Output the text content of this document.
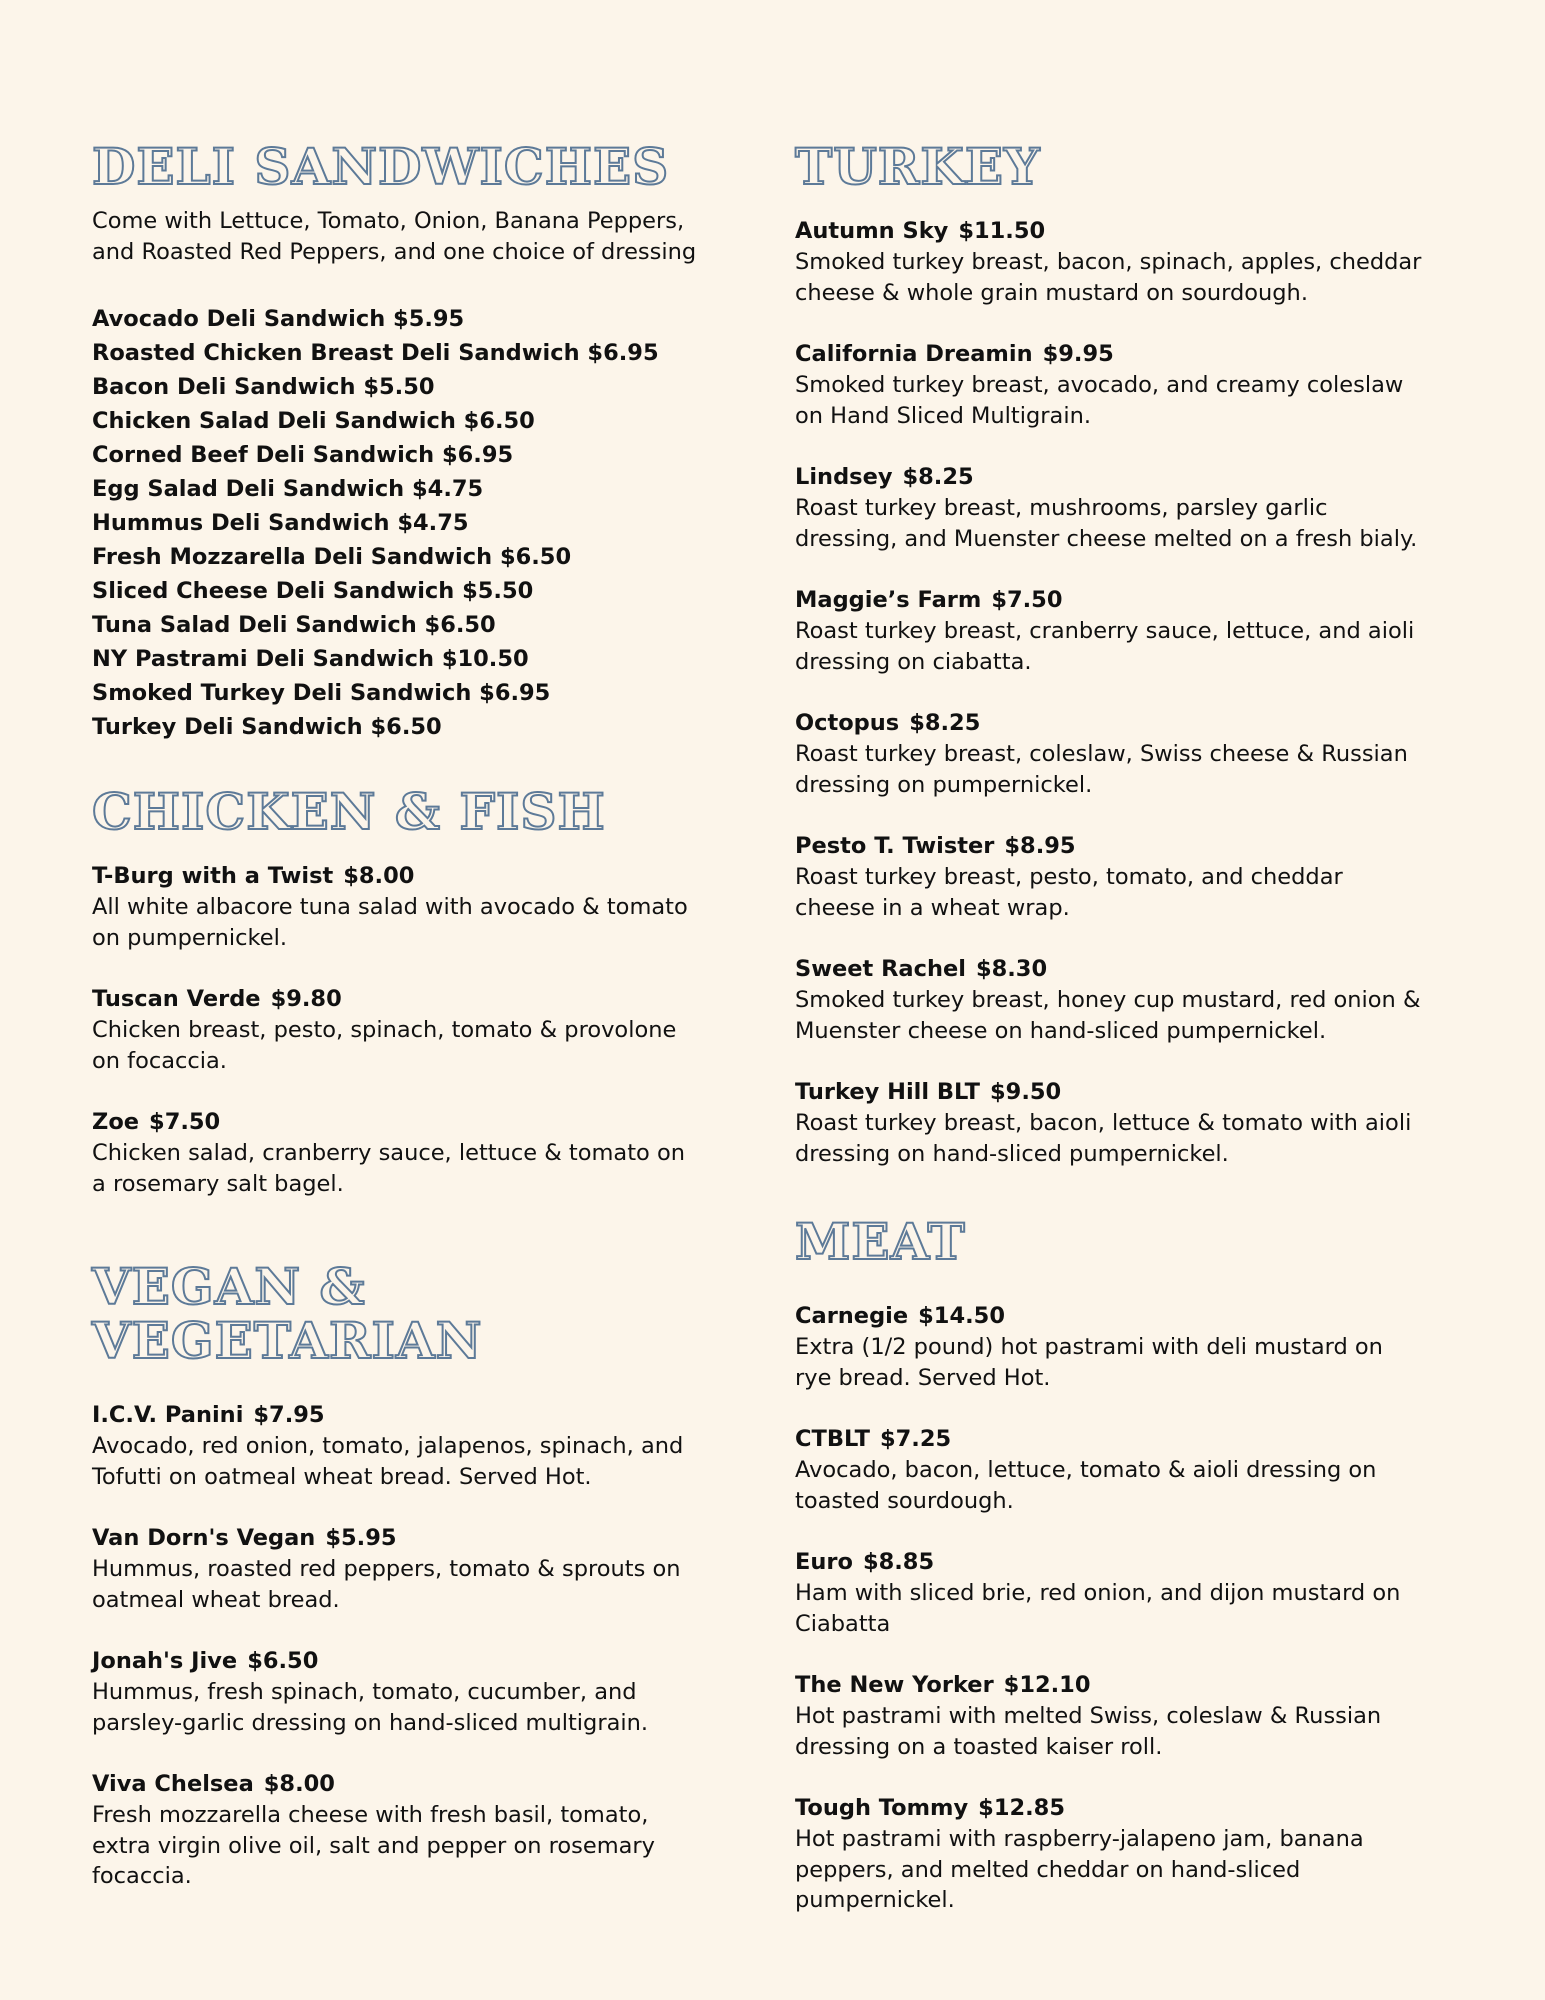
DELI SANDWICHES

Come with Lettuce, Tomato, Onion, Banana Peppers, and Roasted Red Peppers, and one choice of dressing

Avocado Deli Sandwich $5.95
Roasted Chicken Breast Deli Sandwich $6.95
Bacon Deli Sandwich $5.50
Chicken Salad Deli Sandwich $6.50
Corned Beef Deli Sandwich $6.95
Egg Salad Deli Sandwich $4.75
Hummus Deli Sandwich $4.75
Fresh Mozzarella Deli Sandwich $6.50
Sliced Cheese Deli Sandwich $5.50
Tuna Salad Deli Sandwich $6.50
NY Pastrami Deli Sandwich $10.50
Smoked Turkey Deli Sandwich $6.95
Turkey Deli Sandwich $6.50
CHICKEN & FISH
T-Burg with a Twist $8.00
All white albacore tuna salad with avocado & tomato on pumpernickel.
Tuscan Verde $9.80
Chicken breast, pesto, spinach, tomato & provolone on focaccia.
Zoe $7.50
Chicken salad, cranberry sauce, lettuce & tomato on a rosemary salt bagel.
VEGAN &
VEGETARIAN
I.C.V. Panini $7.95
Avocado, red onion, tomato, jalapenos, spinach, and Tofutti on oatmeal wheat bread. Served Hot.
Van Dorn's Vegan $5.95
Hummus, roasted red peppers, tomato & sprouts on oatmeal wheat bread.
Jonah's Jive $6.50
Hummus, fresh spinach, tomato, cucumber, and parsley-garlic dressing on hand-sliced multigrain.
Viva Chelsea $8.00
Fresh mozzarella cheese with fresh basil, tomato, extra virgin olive oil, salt and pepper on rosemary focaccia.
TURKEY
Autumn Sky $11.50
Smoked turkey breast, bacon, spinach, apples, cheddar cheese & whole grain mustard on sourdough.
California Dreamin $9.95
Smoked turkey breast, avocado, and creamy coleslaw on Hand Sliced Multigrain.
Lindsey $8.25
Roast turkey breast, mushrooms, parsley garlic dressing, and Muenster cheese melted on a fresh bialy.
Maggie’s Farm $7.50
Roast turkey breast, cranberry sauce, lettuce, and aioli dressing on ciabatta.
Octopus $8.25
Roast turkey breast, coleslaw, Swiss cheese & Russian dressing on pumpernickel.
Pesto T. Twister $8.95
Roast turkey breast, pesto, tomato, and cheddar cheese in a wheat wrap.
Sweet Rachel $8.30
Smoked turkey breast, honey cup mustard, red onion & Muenster cheese on hand-sliced pumpernickel.
Turkey Hill BLT $9.50
Roast turkey breast, bacon, lettuce & tomato with aioli dressing on hand-sliced pumpernickel.
MEAT
Carnegie $14.50
Extra (1/2 pound) hot pastrami with deli mustard on rye bread. Served Hot.
CTBLT $7.25
Avocado, bacon, lettuce, tomato & aioli dressing on toasted sourdough.
Euro $8.85
Ham with sliced brie, red onion, and dijon mustard on Ciabatta
The New Yorker $12.10
Hot pastrami with melted Swiss, coleslaw & Russian dressing on a toasted kaiser roll.
Tough Tommy $12.85
Hot pastrami with raspberry-jalapeno jam, banana peppers, and melted cheddar on hand-sliced pumpernickel.
